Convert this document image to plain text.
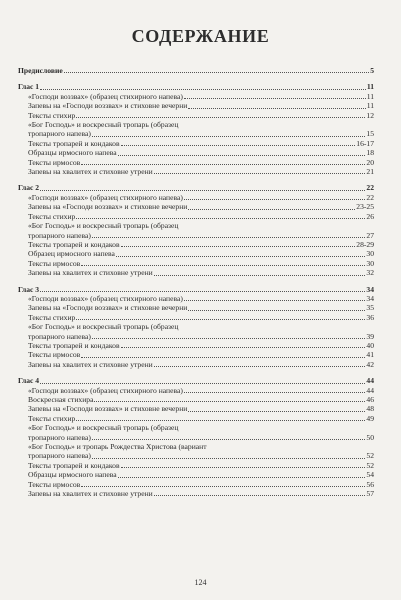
СОДЕРЖАНИЕ
Предисловие	5
Глас 1	11
«Господи воззвах» (образец стихирного напева)	11
Запевы на «Господи воззвах» и стиховне вечерни	11
Тексты стихир	12
«Бог Господь» и воскресный тропарь (образец
тропарного напева)	15
Тексты тропарей и кондаков	16-17
Образцы ирмосного напева	18
Тексты ирмосов	20
Запевы на хвалитех и стиховне утрени	21
Глас 2	22
«Господи воззвах» (образец стихирного напева)	22
Запевы на «Господи воззвах» и стиховне вечерни	23-25
Тексты стихир	26
«Бог Господь» и воскресный тропарь (образец
тропарного напева)	27
Тексты тропарей и кондаков	28-29
Образец ирмосного напева	30
Тексты ирмосов	30
Запевы на хвалитех и стиховне утрени	32
Глас 3	34
«Господи воззвах» (образец стихирного напева)	34
Запевы на «Господи воззвах» и стиховне вечерни	35
Тексты стихир	36
«Бог Господь» и воскресный тропарь (образец
тропарного напева)	39
Тексты тропарей и кондаков	40
Тексты ирмосов	41
Запевы на хвалитех и стиховне утрени	42
Глас 4	44
«Господи воззвах» (образец стихирного напева)	44
Воскресная стихира	46
Запевы на «Господи воззвах» и стиховне вечерни	48
Тексты стихир	49
«Бог Господь» и воскресный тропарь (образец
тропарного напева)	50
«Бог Господь» и тропарь Рождества Христова (вариант
тропарного напева)	52
Тексты тропарей и кондаков	52
Образцы ирмосного напева	54
Тексты ирмосов	56
Запевы на хвалитех и стиховне утрени	57
124
